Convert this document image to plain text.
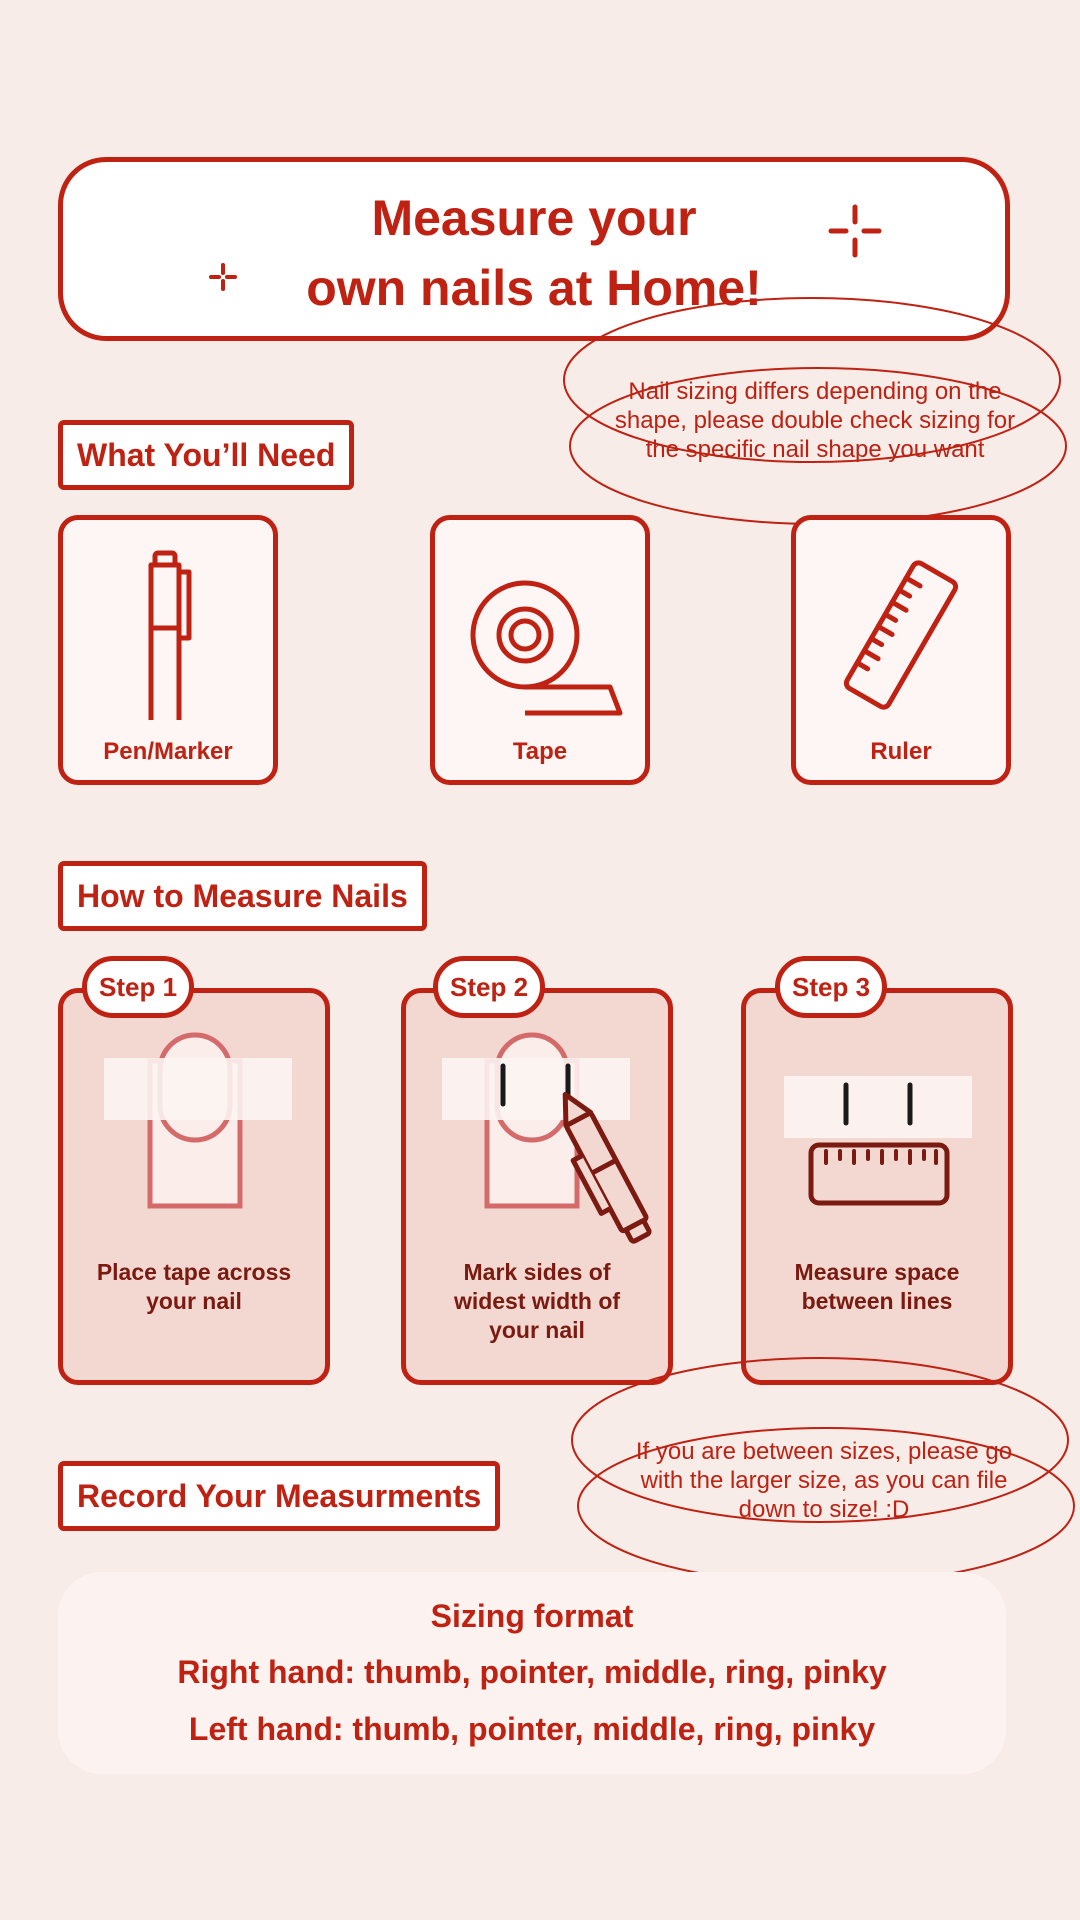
Measure your
own nails at Home!
Nail sizing differs depending on the
shape, please double check sizing for
the specific nail shape you want
What You’ll Need
Pen/Marker	Tape	Ruler
How to Measure Nails
Place tape across
your nail
Step 1
Mark sides of
widest width of
your nail
Step 2
Measure space
between lines
Step 3
If you are between sizes, please go
with the larger size, as you can file
down to size! :D
Record Your Measurments
Sizing format
Right hand: thumb, pointer, middle, ring, pinky
Left hand: thumb, pointer, middle, ring, pinky
